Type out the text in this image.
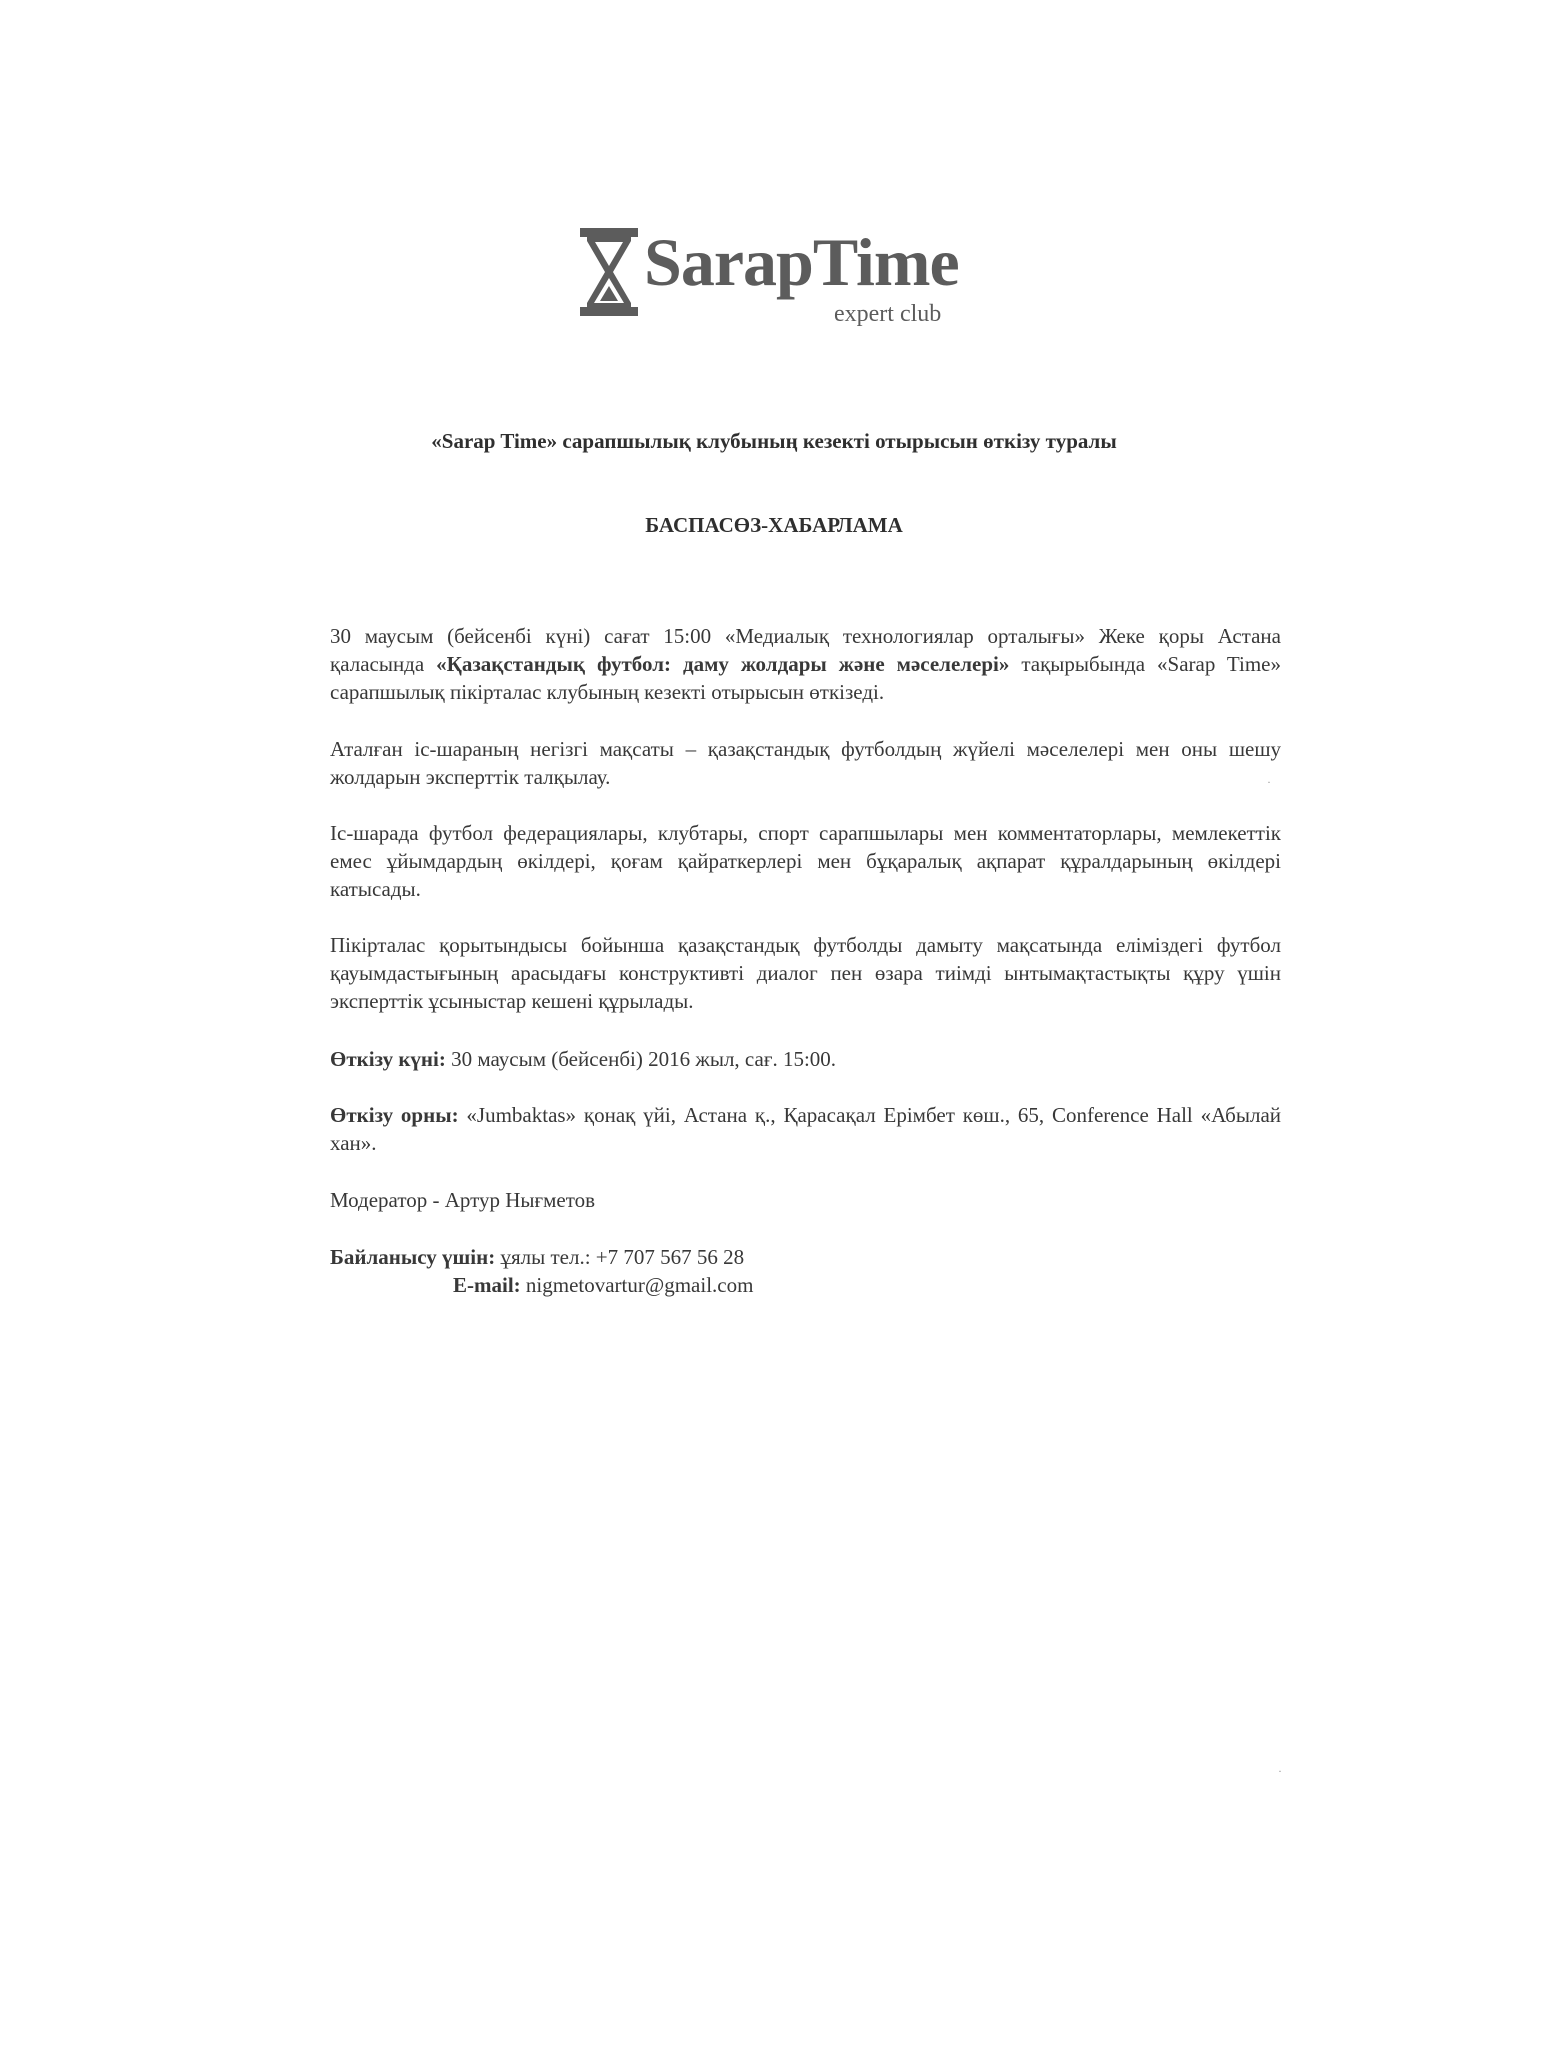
SarapTime
expert club
«Sarap Time» сарапшылық клубының кезекті отырысын өткізу туралы
БАСПАСӨЗ-ХАБАРЛАМА

30 маусым (бейсенбі күні) сағат 15:00 «Медиалық технологиялар орталығы» Жеке қоры Астана қаласында «Қазақстандық футбол: даму жолдары және мәселелері» тақырыбында «Sarap Time» сарапшылық пікірталас клубының кезекті отырысын өткізеді.

Аталған іс-шараның негізгі мақсаты – қазақстандық футболдың жүйелі мәселелері мен оны шешу жолдарын эксперттік талқылау.

Іс-шарада футбол федерациялары, клубтары, спорт сарапшылары мен комментаторлары, мемлекеттік емес ұйымдардың өкілдері, қоғам қайраткерлері мен бұқаралық ақпарат құралдарының өкілдері катысады.

Пікірталас қорытындысы бойынша қазақстандық футболды дамыту мақсатында еліміздегі футбол қауымдастығының арасыдағы конструктивті диалог пен өзара тиімді ынтымақтастықты құру үшін эксперттік ұсыныстар кешені құрылады.

Өткізу күні: 30 маусым (бейсенбі) 2016 жыл, сағ. 15:00.

Өткізу орны: «Jumbaktas» қонақ үйі, Астана қ., Қарасақал Ерімбет көш., 65, Conference Hall «Абылай хан».

Модератор - Артур Нығметов

Байланысу үшін: ұялы тел.: +7 707 567 56 28

E-mail: nigmetovartur@gmail.com

·
·
